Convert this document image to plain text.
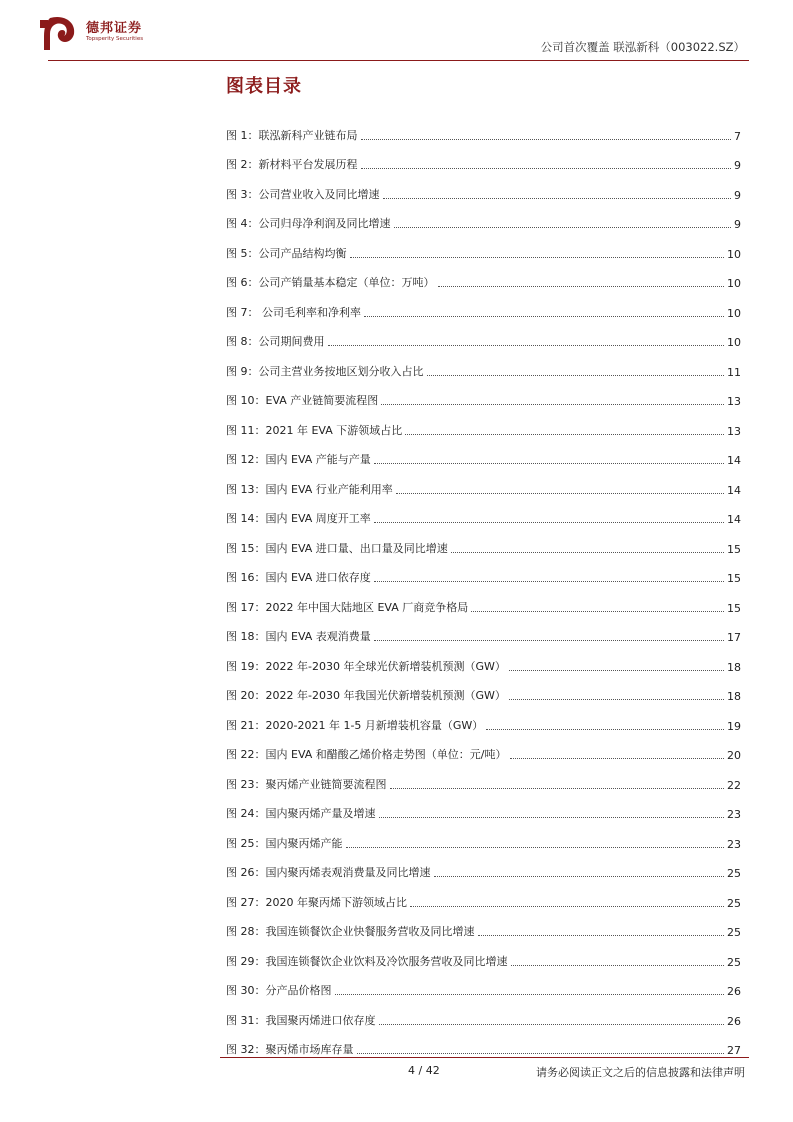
德邦证券
Topsperity Securities
公司首次覆盖 联泓新科（003022.SZ）
图表目录
图 1：联泓新科产业链布局	7
图 2：新材料平台发展历程	9
图 3：公司营业收入及同比增速	9
图 4：公司归母净利润及同比增速	9
图 5：公司产品结构均衡	10
图 6：公司产销量基本稳定（单位：万吨）	10
图 7： 公司毛利率和净利率	10
图 8：公司期间费用	10
图 9：公司主营业务按地区划分收入占比	11
图 10：EVA 产业链简要流程图	13
图 11：2021 年 EVA 下游领域占比	13
图 12：国内 EVA 产能与产量	14
图 13：国内 EVA 行业产能利用率	14
图 14：国内 EVA 周度开工率	14
图 15：国内 EVA 进口量、出口量及同比增速	15
图 16：国内 EVA 进口依存度	15
图 17：2022 年中国大陆地区 EVA 厂商竞争格局	15
图 18：国内 EVA 表观消费量	17
图 19：2022 年-2030 年全球光伏新增装机预测（GW）	18
图 20：2022 年-2030 年我国光伏新增装机预测（GW）	18
图 21：2020-2021 年 1-5 月新增装机容量（GW）	19
图 22：国内 EVA 和醋酸乙烯价格走势图（单位：元/吨）	20
图 23：聚丙烯产业链简要流程图	22
图 24：国内聚丙烯产量及增速	23
图 25：国内聚丙烯产能	23
图 26：国内聚丙烯表观消费量及同比增速	25
图 27：2020 年聚丙烯下游领域占比	25
图 28：我国连锁餐饮企业快餐服务营收及同比增速	25
图 29：我国连锁餐饮企业饮料及冷饮服务营收及同比增速	25
图 30：分产品价格图	26
图 31：我国聚丙烯进口依存度	26
图 32：聚丙烯市场库存量	27
4 / 42	请务必阅读正文之后的信息披露和法律声明
